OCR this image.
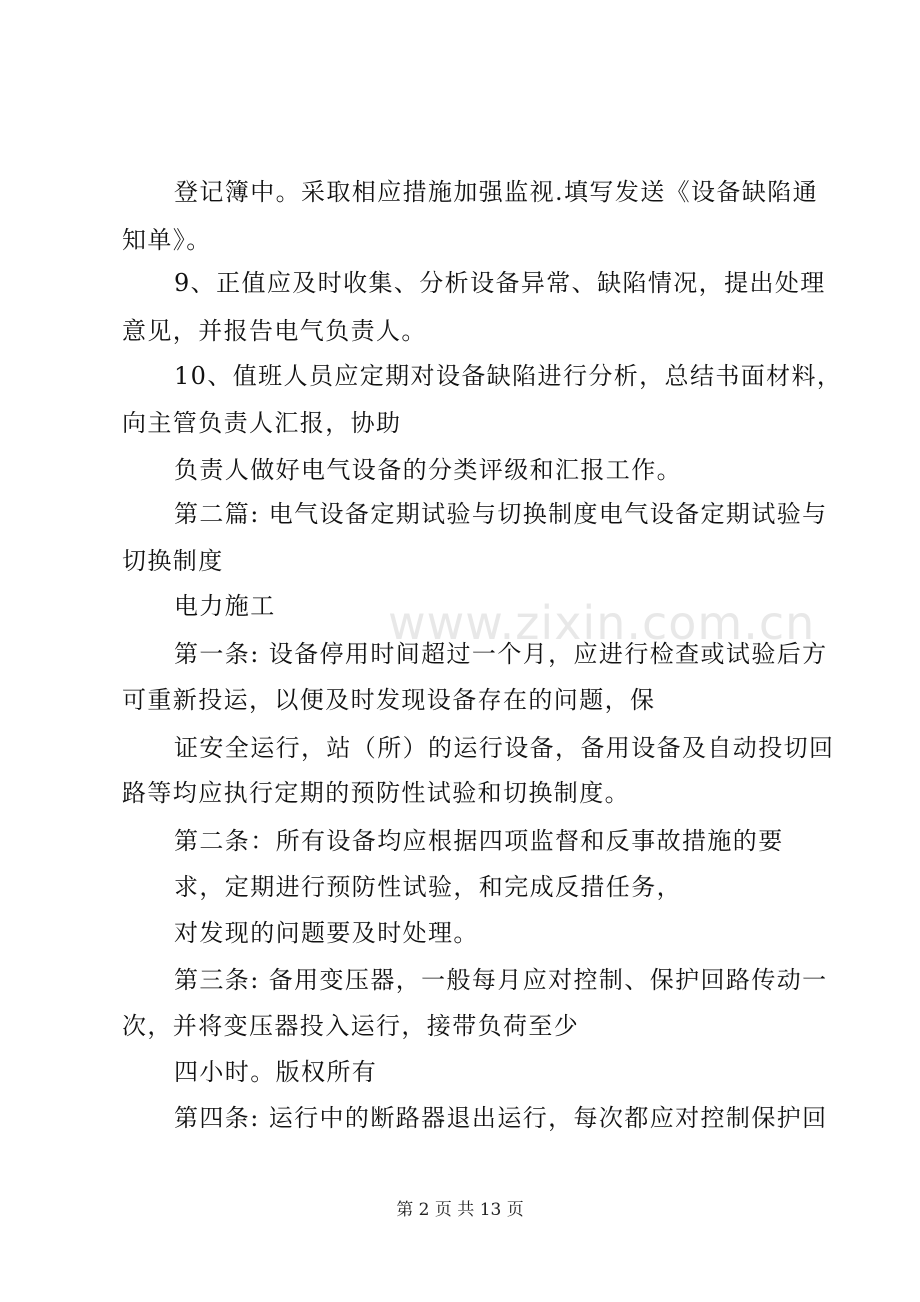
登记簿中。采取相应措施加强监视.填写发送《设备缺陷通
知单》。
9、正值应及时收集、分析设备异常、缺陷情况，提出处理
意见，并报告电气负责人。
10、值班人员应定期对设备缺陷进行分析，总结书面材料，
向主管负责人汇报，协助
负责人做好电气设备的分类评级和汇报工作。
第二篇: 电气设备定期试验与切换制度电气设备定期试验与
切换制度
电力施工
第一条: 设备停用时间超过一个月，应进行检查或试验后方
可重新投运，以便及时发现设备存在的问题，保
证安全运行，站（所）的运行设备，备用设备及自动投切回
路等均应执行定期的预防性试验和切换制度。
第二条：所有设备均应根据四项监督和反事故措施的要
求，定期进行预防性试验，和完成反措任务，
对发现的问题要及时处理。
第三条: 备用变压器，一般每月应对控制、保护回路传动一
次，并将变压器投入运行，接带负荷至少
四小时。版权所有
第四条: 运行中的断路器退出运行，每次都应对控制保护回
www.zixin.com.cn
第 2 页 共 13 页
